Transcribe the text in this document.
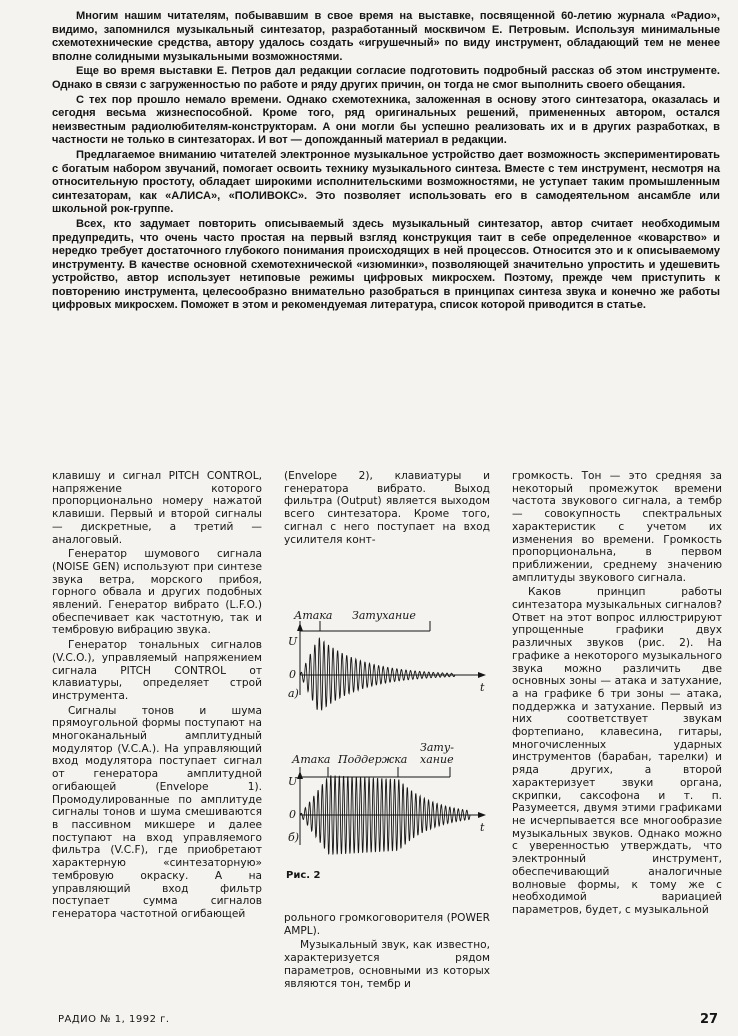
Многим нашим читателям, побывавшим в свое время на выставке, посвященной 60-летию журнала «Радио», видимо, запомнился музыкальный синтезатор, разработанный москвичом Е. Петровым. Используя минимальные схемотехнические средства, автору удалось создать «игрушечный» по виду инструмент, обладающий тем не менее вполне солидными музыкальными возможностями.

Еще во время выставки Е. Петров дал редакции согласие подготовить подробный рассказ об этом инструменте. Однако в связи с загруженностью по работе и ряду других причин, он тогда не смог выполнить своего обещания.

С тех пор прошло немало времени. Однако схемотехника, заложенная в основу этого синтезатора, оказалась и сегодня весьма жизнеспособной. Кроме того, ряд оригинальных решений, примененных автором, остался неизвестным радиолюбителям-конструкторам. А они могли бы успешно реализовать их и в других разработках, в частности не только в синтезаторах. И вот — допожданный материал в редакции.

Предлагаемое вниманию читателей электронное музыкальное устройство дает возможность экспериментировать с богатым набором звучаний, помогает освоить технику музыкального синтеза. Вместе с тем инструмент, несмотря на относительную простоту, обладает широкими исполнительскими возможностями, не уступает таким промышленным синтезаторам, как «АЛИСА», «ПОЛИВОКС». Это позволяет использовать его в самодеятельном ансамбле или школьной рок-группе.

Всех, кто задумает повторить описываемый здесь музыкальный синтезатор, автор считает необходимым предупредить, что очень часто простая на первый взгляд конструкция таит в себе определенное «коварство» и нередко требует достаточного глубокого понимания происходящих в ней процессов. Относится это и к описываемому инструменту. В качестве основной схемотехнической «изюминки», позволяющей значительно упростить и удешевить устройство, автор использует нетиповые режимы цифровых микросхем. Поэтому, прежде чем приступить к повторению инструмента, целесообразно внимательно разобраться в принципах синтеза звука и конечно же работы цифровых микросхем. Поможет в этом и рекомендуемая литература, список которой приводится в статье.

клавишу и сигнал PITCH CONTROL, напряжение которого пропорционально номеру нажатой клавиши. Первый и второй сигналы — дискретные, а третий — аналоговый.

Генератор шумового сигнала (NOISE GEN) используют при синтезе звука ветра, морского прибоя, горного обвала и других подобных явлений. Генератор вибрато (L.F.O.) обеспечивает как частотную, так и тембровую вибрацию звука.

Генератор тональных сигналов (V.C.O.), управляемый напряжением сигнала PITCH CONTROL от клавиатуры, определяет строй инструмента.

Сигналы тонов и шума прямоугольной формы поступают на многоканальный амплитудный модулятор (V.C.A.). На управляющий вход модулятора поступает сигнал от генератора амплитудной огибающей (Envelope 1). Промодулированные по амплитуде сигналы тонов и шума смешиваются в пассивном микшере и далее поступают на вход управляемого фильтра (V.C.F), где приобретают характерную «синтезаторную» тембровую окраску. А на управляющий вход фильтр поступает сумма сигналов генератора частотной огибающей

(Envelope 2), клавиатуры и генератора вибрато. Выход фильтра (Output) является выходом всего синтезатора. Кроме того, сигнал с него поступает на вход усилителя конт-

Атака Затухание
U
0
а)	t
Атака Поддержка
Зату-
хание
U
0
б)
t
Рис. 2

рольного громкоговорителя (POWER AMPL).

Музыкальный звук, как известно, характеризуется рядом параметров, основными из которых являются тон, тембр и

громкость. Тон — это средняя за некоторый промежуток времени частота звукового сигнала, а тембр — совокупность спектральных характеристик с учетом их изменения во времени. Громкость пропорциональна, в первом приближении, среднему значению амплитуды звукового сигнала.

Каков принцип работы синтезатора музыкальных сигналов? Ответ на этот вопрос иллюстрируют упрощенные графики двух различных звуков (рис. 2). На графике а некоторого музыкального звука можно различить две основных зоны — атака и затухание, а на графике б три зоны — атака, поддержка и затухание. Первый из них соответствует звукам фортепиано, клавесина, гитары, многочисленных ударных инструментов (барабан, тарелки) и ряда других, а второй характеризует звуки органа, скрипки, саксофона и т. п. Разумеется, двумя этими графиками не исчерпывается все многообразие музыкальных звуков. Однако можно с уверенностью утверждать, что электронный инструмент, обеспечивающий аналогичные волновые формы, к тому же с необходимой вариацией параметров, будет, с музыкальной

РАДИО № 1, 1992 г.	27
